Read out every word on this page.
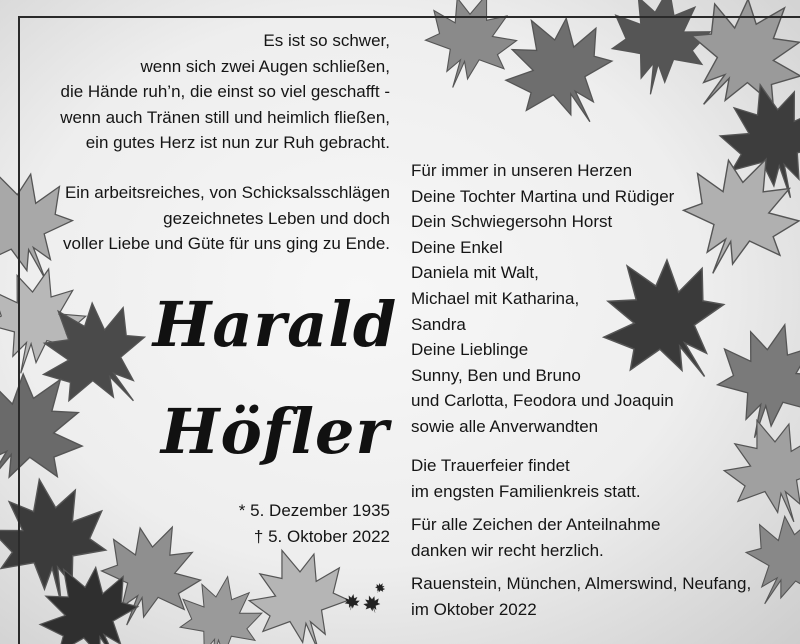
Es ist so schwer,
wenn sich zwei Augen schließen,
die Hände ruh’n, die einst so viel geschafft -
wenn auch Tränen still und heimlich fließen,
ein gutes Herz ist nun zur Ruh gebracht.
Ein arbeitsreiches, von Schicksalsschlägen
gezeichnetes Leben und doch
voller Liebe und Güte für uns ging zu Ende.
Harald
Höfler
* 5. Dezember 1935
† 5. Oktober 2022
Für immer in unseren Herzen
Deine Tochter Martina und Rüdiger
Dein Schwiegersohn Horst
Deine Enkel
Daniela mit Walt,
Michael mit Katharina,
Sandra
Deine Lieblinge
Sunny, Ben und Bruno
und Carlotta, Feodora und Joaquin
sowie alle Anverwandten
Die Trauerfeier findet
im engsten Familienkreis statt.
Für alle Zeichen der Anteilnahme
danken wir recht herzlich.
Rauenstein, München, Almerswind, Neufang,
im Oktober 2022
